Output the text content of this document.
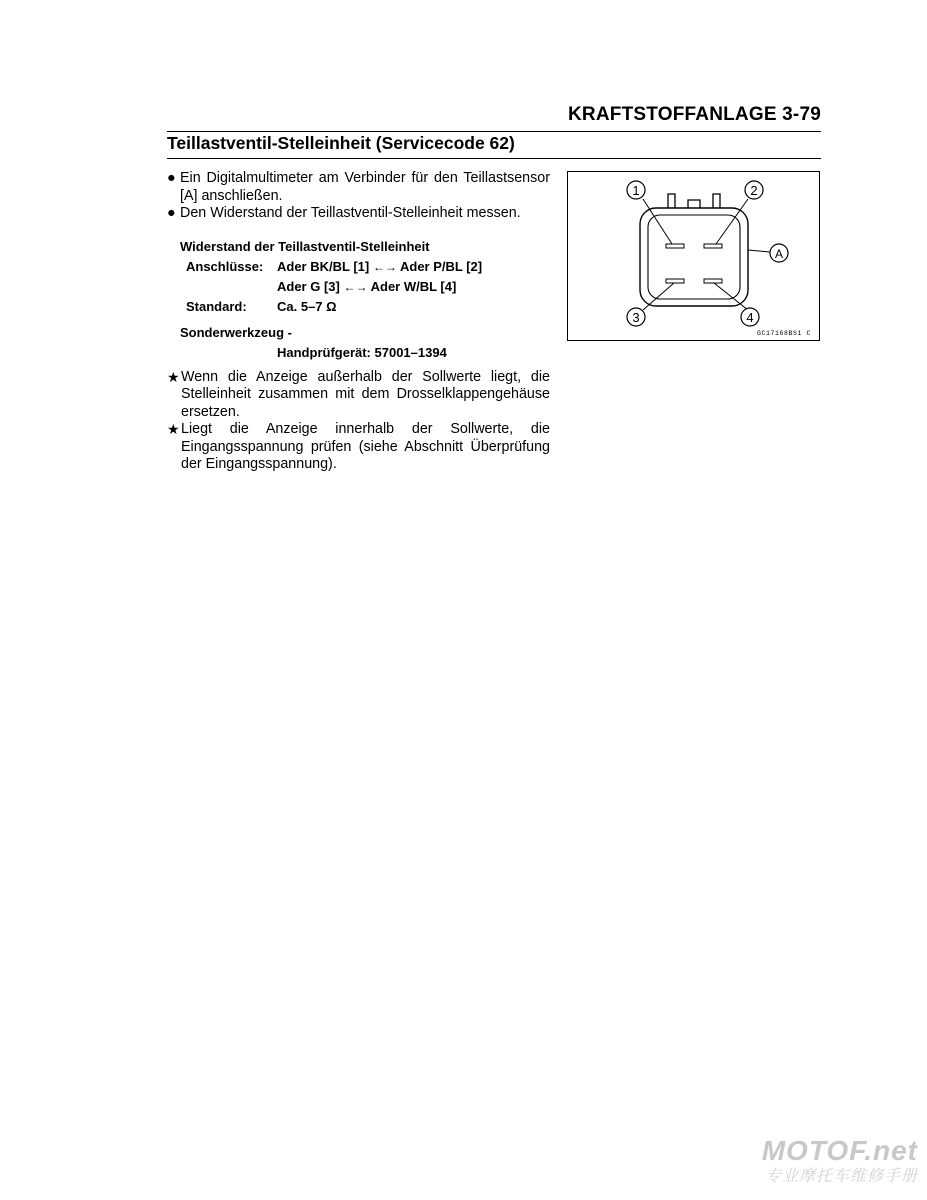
KRAFTSTOFFANLAGE 3-79
Teillastventil-Stelleinheit (Servicecode 62)
● Ein Digitalmultimeter am Verbinder für den Teillastsensor [A] anschließen.
● Den Widerstand der Teillastventil-Stelleinheit messen.
Widerstand der Teillastventil-Stelleinheit
Anschlüsse:	Ader BK/BL [1] ←→ Ader P/BL [2]
Ader G [3] ←→ Ader W/BL [4]
Standard:	Ca. 5–7 Ω
Sonderwerkzeug -
Handprüfgerät: 57001–1394
★ Wenn die Anzeige außerhalb der Sollwerte liegt, die Stelleinheit zusammen mit dem Drosselklappengehäuse ersetzen.
★ Liegt die Anzeige innerhalb der Sollwerte, die Eingangsspannung prüfen (siehe Abschnitt Überprüfung der Eingangsspannung).
1	2
3	4
A
GC17168BS1 C
MOTOF.net
专业摩托车维修手册
